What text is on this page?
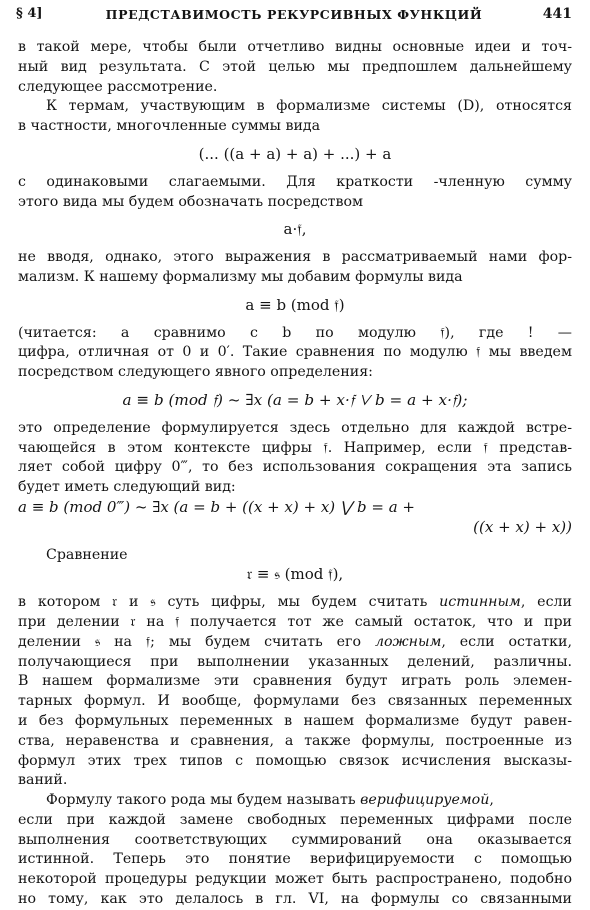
§ 4]	ПРЕДСТАВИМОСТЬ РЕКУРСИВНЫХ ФУНКЦИЙ	441
в такой мере, чтобы были отчетливо видны основные идеи и точ-
ный вид результата. С этой целью мы предпошлем дальнейшему
следующее рассмотрение.
К термам, участвующим в формализме системы (D), относятся
в частности, многочленные суммы вида
(... ((a + a) + a) + ...) + a
с одинаковыми слагаемыми. Для краткости -членную сумму
этого вида мы будем обозначать посредством
a·𝔣,
не вводя, однако, этого выражения в рассматриваемый нами фор-
мализм. К нашему формализму мы добавим формулы вида
a ≡ b (mod 𝔣)
(читается: a сравнимо с b по модулю 𝔣), где ! —
цифра, отличная от 0 и 0′. Такие сравнения по модулю 𝔣 мы введем
посредством следующего явного определения:
a ≡ b (mod 𝔣) ~ ∃x (a = b + x·𝔣 ⋁ b = a + x·𝔣);
это определение формулируется здесь отдельно для каждой встре-
чающейся в этом контексте цифры 𝔣. Например, если 𝔣 представ-
ляет собой цифру 0‴, то без использования сокращения эта запись
будет иметь следующий вид:
a ≡ b (mod 0‴) ~ ∃x (a = b + ((x + x) + x) ⋁ b = a +
((x + x) + x))
Сравнение
𝔯 ≡ 𝔰 (mod 𝔣),
в котором 𝔯 и 𝔰 суть цифры, мы будем считать истинным, если
при делении 𝔯 на 𝔣 получается тот же самый остаток, что и при
делении 𝔰 на 𝔣; мы будем считать его ложным, если остатки,
получающиеся при выполнении указанных делений, различны.
В нашем формализме эти сравнения будут играть роль элемен-
тарных формул. И вообще, формулами без связанных переменных
и без формульных переменных в нашем формализме будут равен-
ства, неравенства и сравнения, а также формулы, построенные из
формул этих трех типов с помощью связок исчисления высказы-
ваний.
Формулу такого рода мы будем называть верифицируемой,
если при каждой замене свободных переменных цифрами после
выполнения соответствующих суммирований она оказывается
истинной. Теперь это понятие верифицируемости с помощью
некоторой процедуры редукции может быть распространено, подобно
но тому, как это делалось в гл. VI, на формулы со связанными
